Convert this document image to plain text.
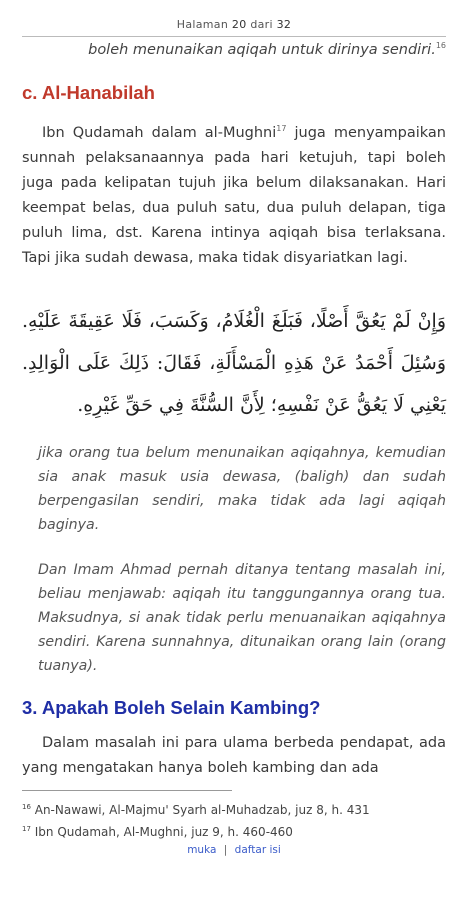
Halaman 20 dari 32
boleh menunaikan aqiqah untuk dirinya sendiri.$^{16}$
c. Al-Hanabilah

Ibn Qudamah dalam al-Mughni$^{17}$ juga menyampaikan sunnah pelaksanaannya pada hari ketujuh, tapi boleh juga pada kelipatan tujuh jika belum dilaksanakan. Hari keempat belas, dua puluh satu, dua puluh delapan, tiga puluh lima, dst. Karena intinya aqiqah bisa terlaksana. Tapi jika sudah dewasa, maka tidak disyariatkan lagi.

وَإِنْ لَمْ يَعُقَّ أَصْلًا، فَبَلَغَ الْغُلَامُ، وَكَسَبَ، فَلَا عَقِيقَةَ عَلَيْهِ. وَسُئِلَ أَحْمَدُ عَنْ هَذِهِ الْمَسْأَلَةِ، فَقَالَ: ذَلِكَ عَلَى الْوَالِدِ. يَعْنِي لَا يَعُقُّ عَنْ نَفْسِهِ؛ لِأَنَّ السُّنَّةَ فِي حَقِّ غَيْرِهِ.

jika orang tua belum menunaikan aqiqahnya, kemudian sia anak masuk usia dewasa, (baligh) dan sudah berpengasilan sendiri, maka tidak ada lagi aqiqah baginya.

Dan Imam Ahmad pernah ditanya tentang masalah ini, beliau menjawab: aqiqah itu tanggungannya orang tua. Maksudnya, si anak tidak perlu menuanaikan aqiqahnya sendiri. Karena sunnahnya, ditunaikan orang lain (orang tuanya).

3. Apakah Boleh Selain Kambing?

Dalam masalah ini para ulama berbeda pendapat, ada yang mengatakan hanya boleh kambing dan ada

$^{16}$ An-Nawawi, Al-Majmu' Syarh al-Muhadzab, juz 8, h. 431
$^{17}$ Ibn Qudamah, Al-Mughni, juz 9, h. 460-460
muka | daftar isi
